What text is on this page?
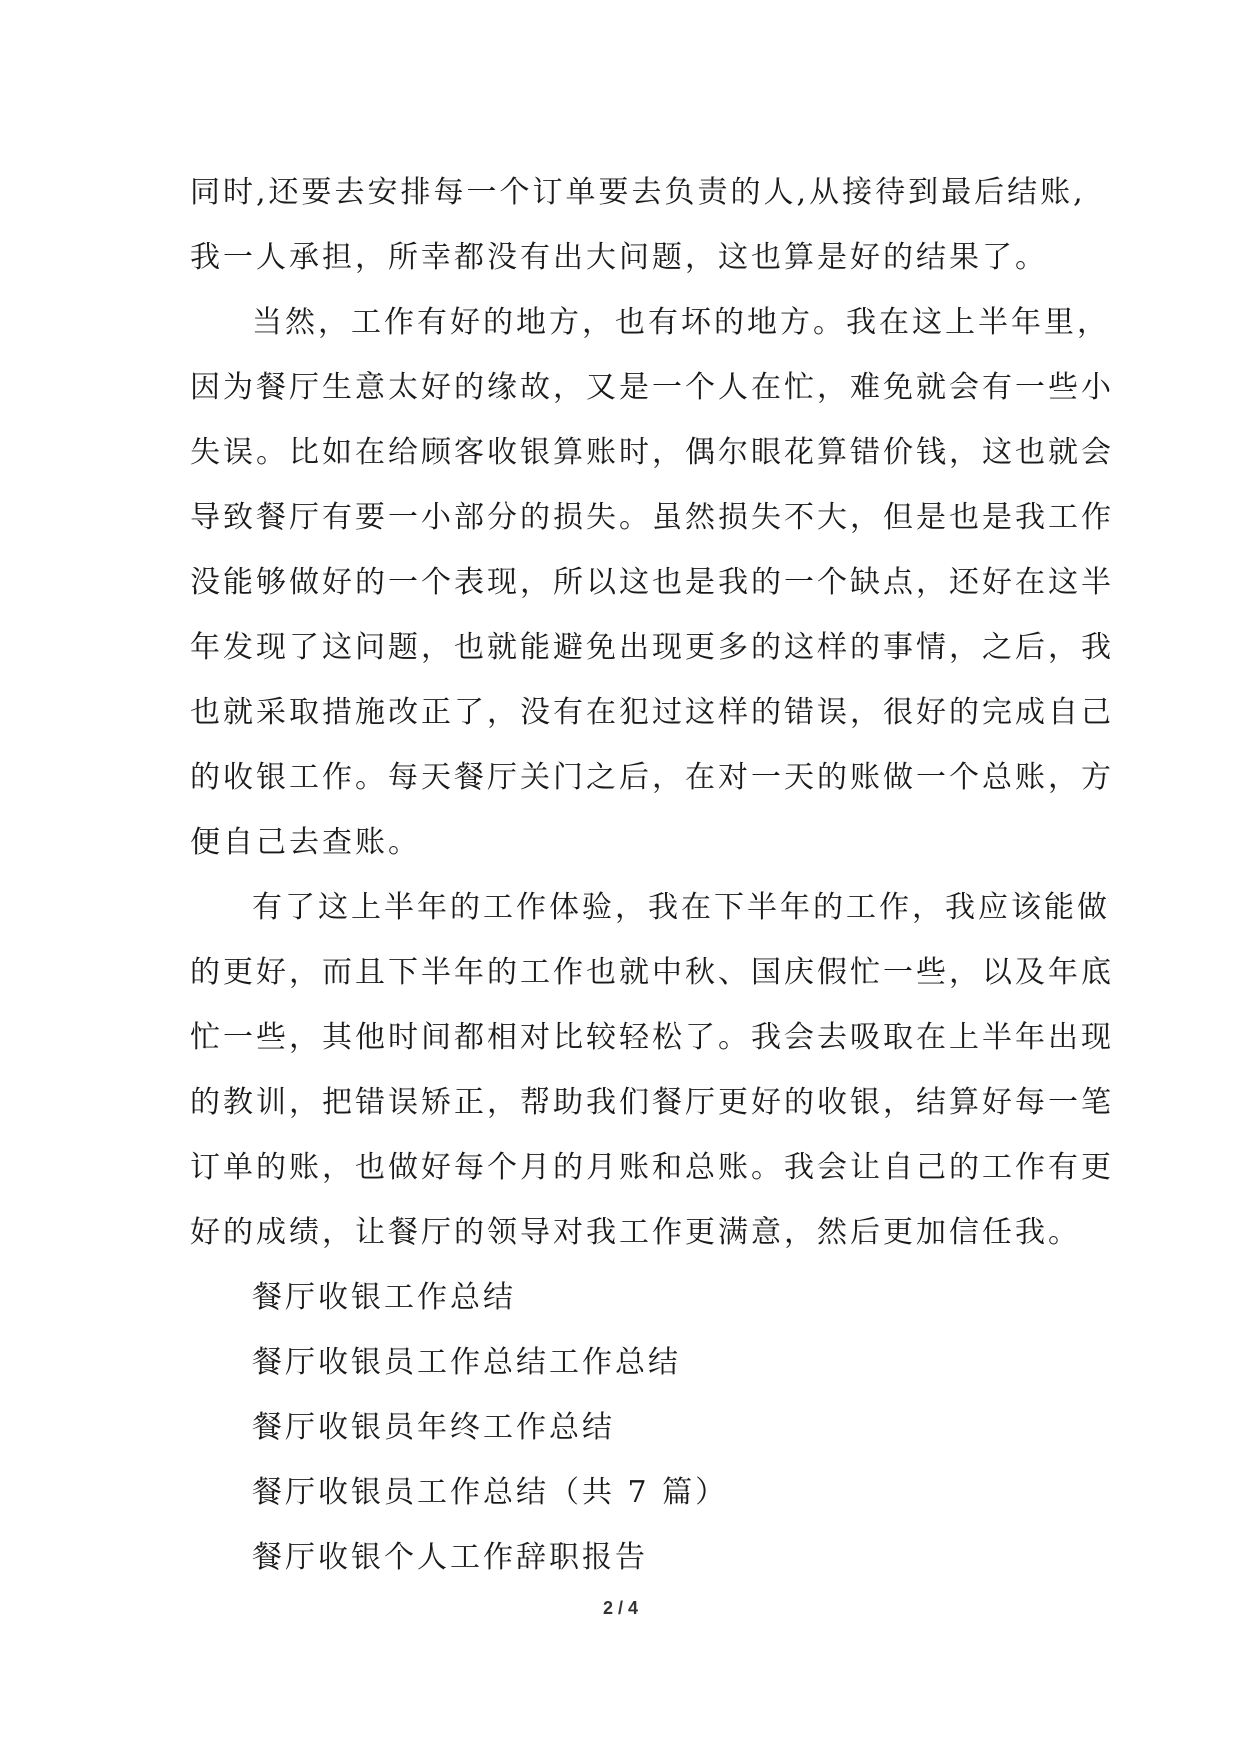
同时,还要去安排每一个订单要去负责的人,从接待到最后结账,
我一人承担，所幸都没有出大问题，这也算是好的结果了。
当然，工作有好的地方，也有坏的地方。我在这上半年里，
因为餐厅生意太好的缘故，又是一个人在忙，难免就会有一些小
失误。比如在给顾客收银算账时，偶尔眼花算错价钱，这也就会
导致餐厅有要一小部分的损失。虽然损失不大，但是也是我工作
没能够做好的一个表现，所以这也是我的一个缺点，还好在这半
年发现了这问题，也就能避免出现更多的这样的事情，之后，我
也就采取措施改正了，没有在犯过这样的错误，很好的完成自己
的收银工作。每天餐厅关门之后，在对一天的账做一个总账，方
便自己去查账。
有了这上半年的工作体验，我在下半年的工作，我应该能做
的更好，而且下半年的工作也就中秋、国庆假忙一些，以及年底
忙一些，其他时间都相对比较轻松了。我会去吸取在上半年出现
的教训，把错误矫正，帮助我们餐厅更好的收银，结算好每一笔
订单的账，也做好每个月的月账和总账。我会让自己的工作有更
好的成绩，让餐厅的领导对我工作更满意，然后更加信任我。
餐厅收银工作总结
餐厅收银员工作总结工作总结
餐厅收银员年终工作总结
餐厅收银员工作总结（共 7 篇）
餐厅收银个人工作辞职报告
2 / 4
